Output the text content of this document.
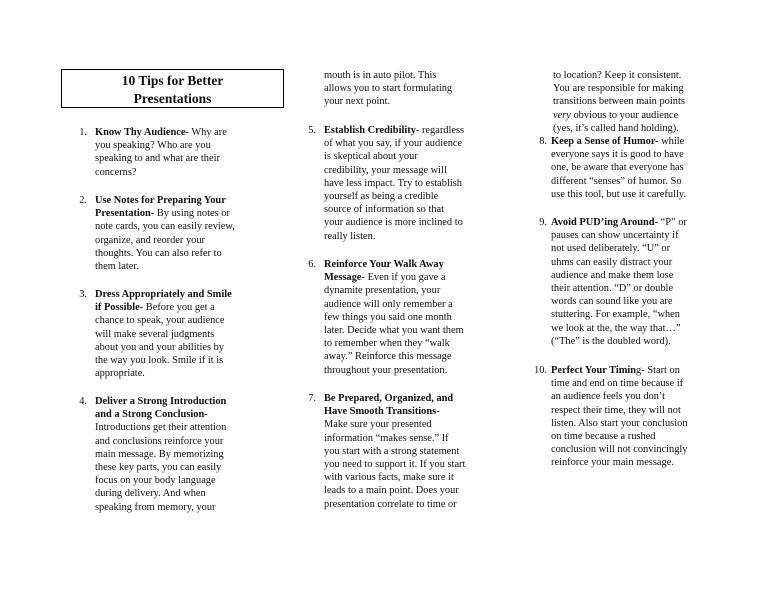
10 Tips for Better
Presentations
1. Know Thy Audience- Why are
you speaking? Who are you
speaking to and what are their
concerns?
2. Use Notes for Preparing Your
Presentation- By using notes or
note cards, you can easily review,
organize, and reorder your
thoughts. You can also refer to
them later.
3. Dress Appropriately and Smile
if Possible- Before you get a
chance to speak, your audience
will make several judgments
about you and your abilities by
the way you look. Smile if it is
appropriate.
4. Deliver a Strong Introduction
and a Strong Conclusion-
Introductions get their attention
and conclusions reinforce your
main message. By memorizing
these key parts, you can easily
focus on your body language
during delivery. And when
speaking from memory, your
mouth is in auto pilot. This
allows you to start formulating
your next point.
5. Establish Credibility- regardless
of what you say, if your audience
is skeptical about your
credibility, your message will
have less impact. Try to establish
yourself as being a credible
source of information so that
your audience is more inclined to
really listen.
6. Reinforce Your Walk Away
Message- Even if you gave a
dynamite presentation, your
audience will only remember a
few things you said one month
later. Decide what you want them
to remember when they “walk
away.” Reinforce this message
throughout your presentation.
7. Be Prepared, Organized, and
Have Smooth Transitions-
Make sure your presented
information “makes sense.” If
you start with a strong statement
you need to support it. If you start
with various facts, make sure it
leads to a main point. Does your
presentation correlate to time or
to location? Keep it consistent.
You are responsible for making
transitions between main points
very obvious to your audience
(yes, it’s called hand holding).
8. Keep a Sense of Humor- while
everyone says it is good to have
one, be aware that everyone has
different “senses” of humor. So
use this tool, but use it carefully.
9. Avoid PUD’ing Around- “P” or
pauses can show uncertainty if
not used deliberately. “U” or
uhms can easily distract your
audience and make them lose
their attention. “D” or double
words can sound like you are
stuttering. For example, “when
we look at the, the way that…”
(“The” is the doubled word).
10. Perfect Your Timing- Start on
time and end on time because if
an audience feels you don’t
respect their time, they will not
listen. Also start your conclusion
on time because a rushed
conclusion will not convincingly
reinforce your main message.
